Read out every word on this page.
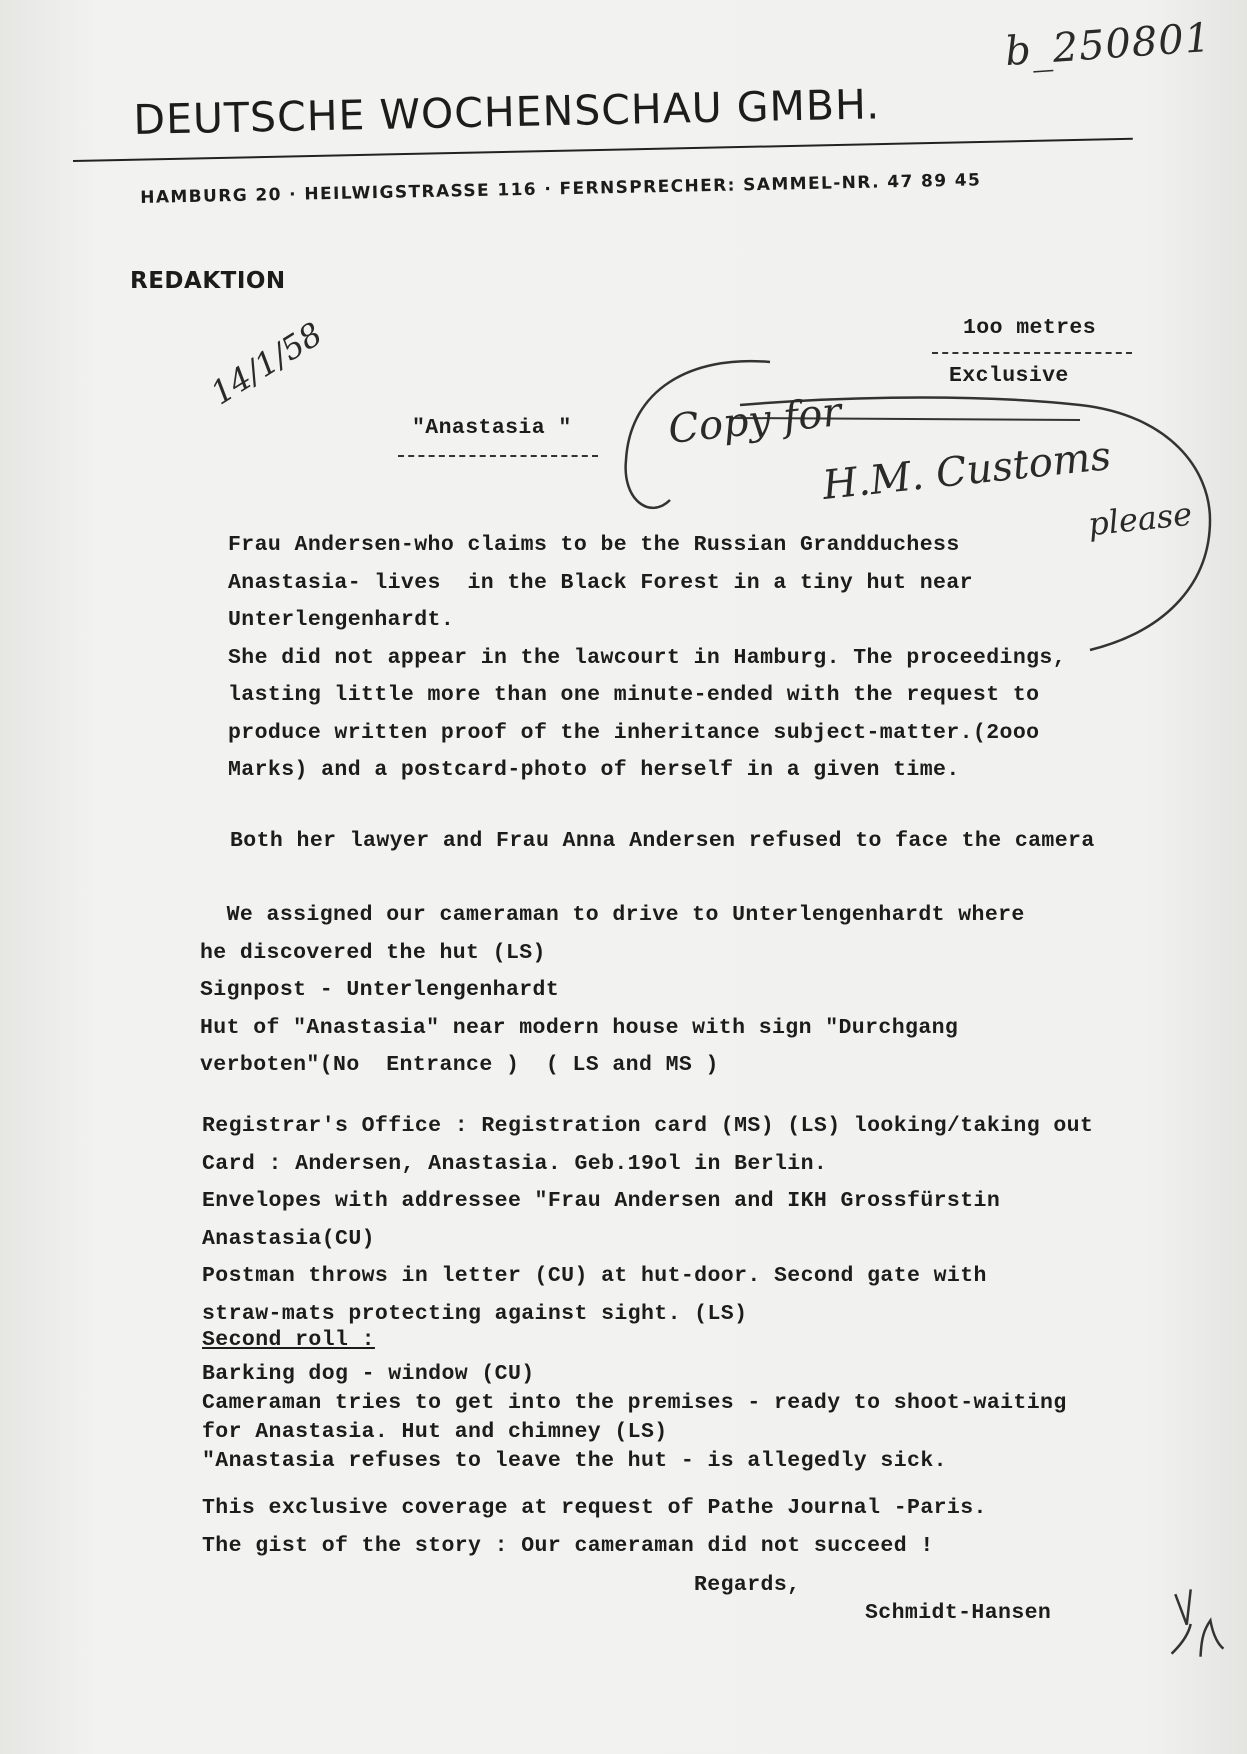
b_250801
DEUTSCHE WOCHENSCHAU GMBH.
HAMBURG 20 · HEILWIGSTRASSE 116 · FERNSPRECHER: SAMMEL-NR. 47 89 45
REDAKTION
1oo metres
Exclusive
"Anastasia "
14/1/58
Copy for
H.M. Customs
please
Frau Andersen-who claims to be the Russian Grandduchess
Anastasia- lives  in the Black Forest in a tiny hut near
Unterlengenhardt.
She did not appear in the lawcourt in Hamburg. The proceedings,
lasting little more than one minute-ended with the request to
produce written proof of the inheritance subject-matter.(2ooo
Marks) and a postcard-photo of herself in a given time.
Both her lawyer and Frau Anna Andersen refused to face the camera
We assigned our cameraman to drive to Unterlengenhardt where
he discovered the hut (LS)
Signpost - Unterlengenhardt
Hut of "Anastasia" near modern house with sign "Durchgang
verboten"(No  Entrance )  ( LS and MS )
Registrar's Office : Registration card (MS) (LS) looking/taking out
Card : Andersen, Anastasia. Geb.19ol in Berlin.
Envelopes with addressee "Frau Andersen and IKH Grossfürstin
Anastasia(CU)
Postman throws in letter (CU) at hut-door. Second gate with
straw-mats protecting against sight. (LS)
Second roll :
Barking dog - window (CU)
Cameraman tries to get into the premises - ready to shoot-waiting
for Anastasia. Hut and chimney (LS)
"Anastasia refuses to leave the hut - is allegedly sick.
This exclusive coverage at request of Pathe Journal -Paris.
The gist of the story : Our cameraman did not succeed !
Regards,
Schmidt-Hansen
